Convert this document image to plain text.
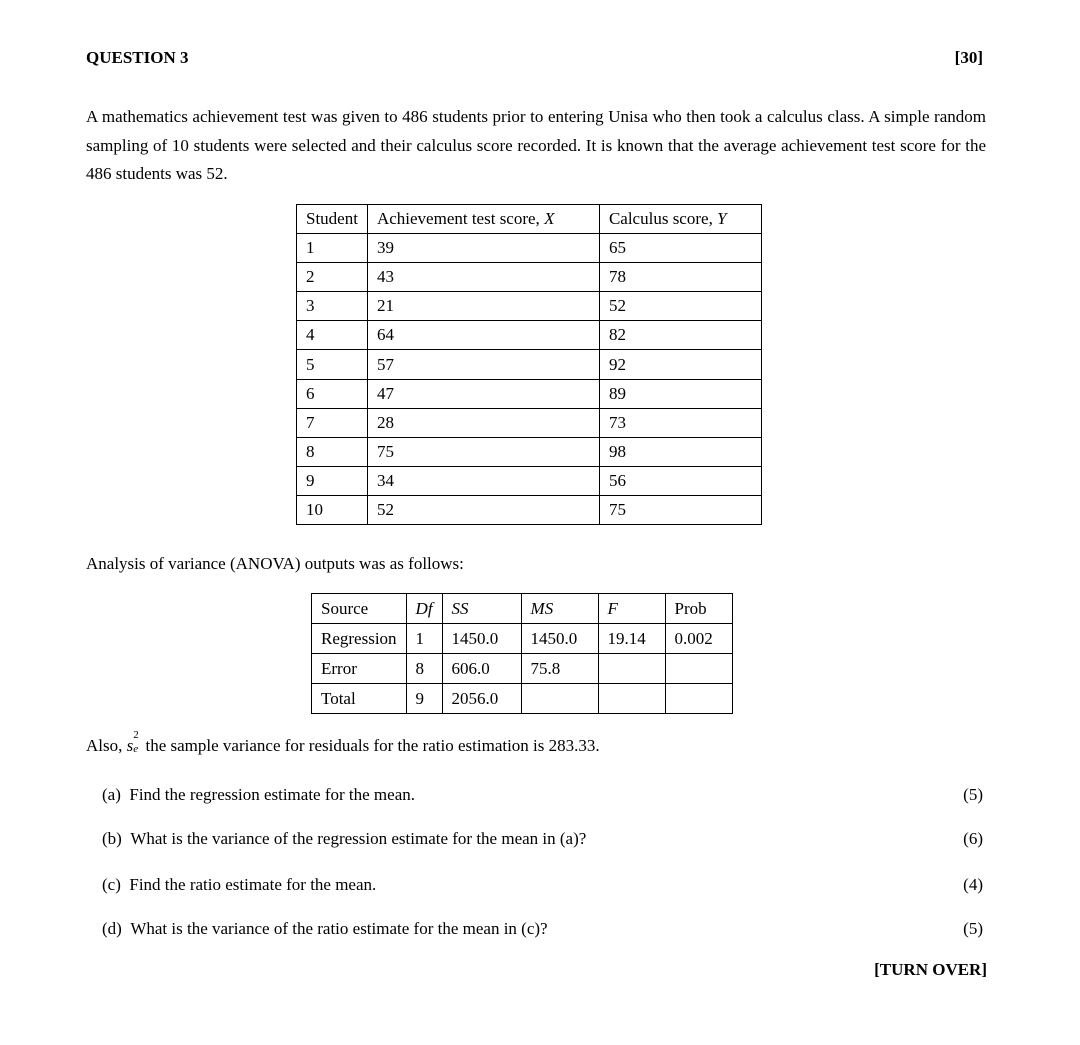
QUESTION 3	[30]
A mathematics achievement test was given to 486 students prior to entering Unisa who then took a calculus class. A simple random sampling of 10 students were selected and their calculus score recorded. It is known that the average achievement test score for the 486 students was 52.
Student	Achievement test score, X	Calculus score, Y
1	39	65
2	43	78
3	21	52
4	64	82
5	57	92
6	47	89
7	28	73
8	75	98
9	34	56
10	52	75
Analysis of variance (ANOVA) outputs was as follows:
Source	Df	SS	MS	F	Prob
Regression	1	1450.0	1450.0	19.14	0.002
Error	8	606.0	75.8		
Total	9	2056.0			
Also, s
2
e the sample variance for residuals for the ratio estimation is 283.33.
(a) Find the regression estimate for the mean.	(5)
(b) What is the variance of the regression estimate for the mean in (a)?	(6)
(c) Find the ratio estimate for the mean.	(4)
(d) What is the variance of the ratio estimate for the mean in (c)?	(5)
[TURN OVER]
